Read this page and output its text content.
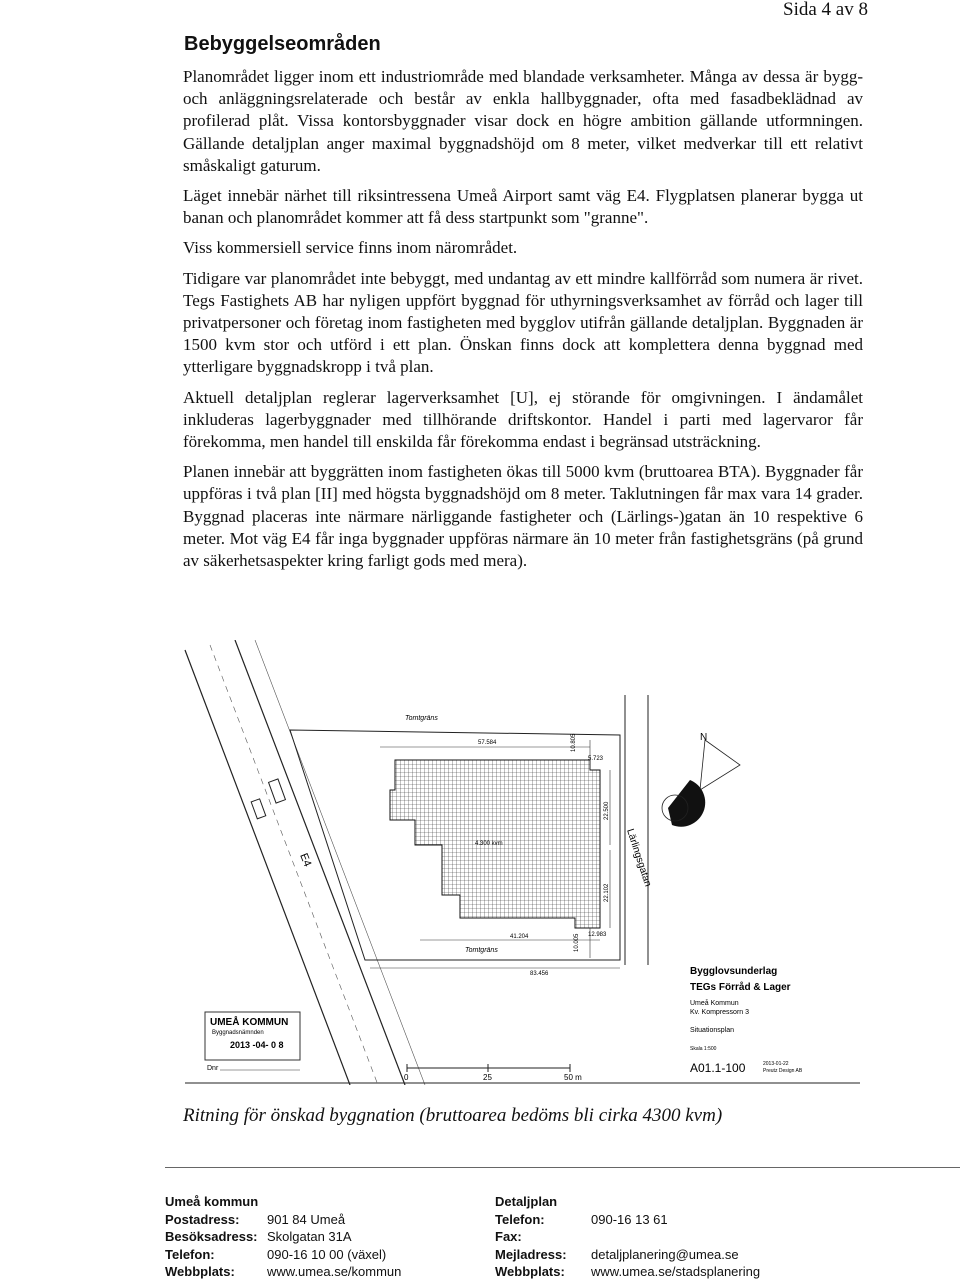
Sida 4 av 8
Bebyggelseområden

Planområdet ligger inom ett industriområde med blandade verksamheter. Många av dessa är bygg- och anläggningsrelaterade och består av enkla hallbyggnader, ofta med fasadbeklädnad av profilerad plåt. Vissa kontorsbyggnader visar dock en högre ambition gällande utformningen. Gällande detaljplan anger maximal byggnadshöjd om 8 meter, vilket medverkar till ett relativt småskaligt gaturum.

Läget innebär närhet till riksintressena Umeå Airport samt väg E4. Flygplatsen planerar bygga ut banan och planområdet kommer att få dess startpunkt som "granne".

Viss kommersiell service finns inom närområdet.

Tidigare var planområdet inte bebyggt, med undantag av ett mindre kallförråd som numera är rivet. Tegs Fastighets AB har nyligen uppfört byggnad för uthyrningsverksamhet av förråd och lager till privatpersoner och företag inom fastigheten med bygglov utifrån gällande detaljplan. Byggnaden är 1500 kvm stor och utförd i ett plan. Önskan finns dock att komplettera denna byggnad med ytterligare byggnadskropp i två plan.

Aktuell detaljplan reglerar lagerverksamhet [U], ej störande för omgivningen. I ändamålet inkluderas lagerbyggnader med tillhörande driftskontor. Handel i parti med lagervaror får förekomma, men handel till enskilda får förekomma endast i begränsad utsträckning.

Planen innebär att byggrätten inom fastigheten ökas till 5000 kvm (bruttoarea BTA). Byggnader får uppföras i två plan [II] med högsta byggnadshöjd om 8 meter. Taklutningen får max vara 14 grader. Byggnad placeras inte närmare närliggande fastigheter och (Lärlings-)gatan än 10 respektive 6 meter. Mot väg E4 får inga byggnader uppföras närmare än 10 meter från fastighetsgräns (på grund av säkerhetsaspekter kring farligt gods med mera).

E4
Tomtgräns
Tomtgräns
4.300 kvm
57.584
5.723
10.805
22.500
22.102
41.204	12.983
10.005
83.456
Lärlingsgatan
N
UMEÅ KOMMUN
Byggnadsnämnden
2013 -04- 0 8
Dnr
Bygglovsunderlag
TEGs Förråd & Lager
Umeå Kommun
Kv. Kompressorn 3
Situationsplan
Skala 1:500
A01.1-100	2013-01-22
Preutz Design AB
0	25	50 m
Ritning för önskad byggnation (bruttoarea bedöms bli cirka 4300 kvm)
Umeå kommun
Postadress:	901 84 Umeå
Besöksadress: Skolgatan 31A
Telefon:	090-16 10 00 (växel)
Webbplats:	www.umea.se/kommun
Detaljplan
Telefon:	090-16 13 61
Fax:
Mejladress:	detaljplanering@umea.se
Webbplats:	www.umea.se/stadsplanering
